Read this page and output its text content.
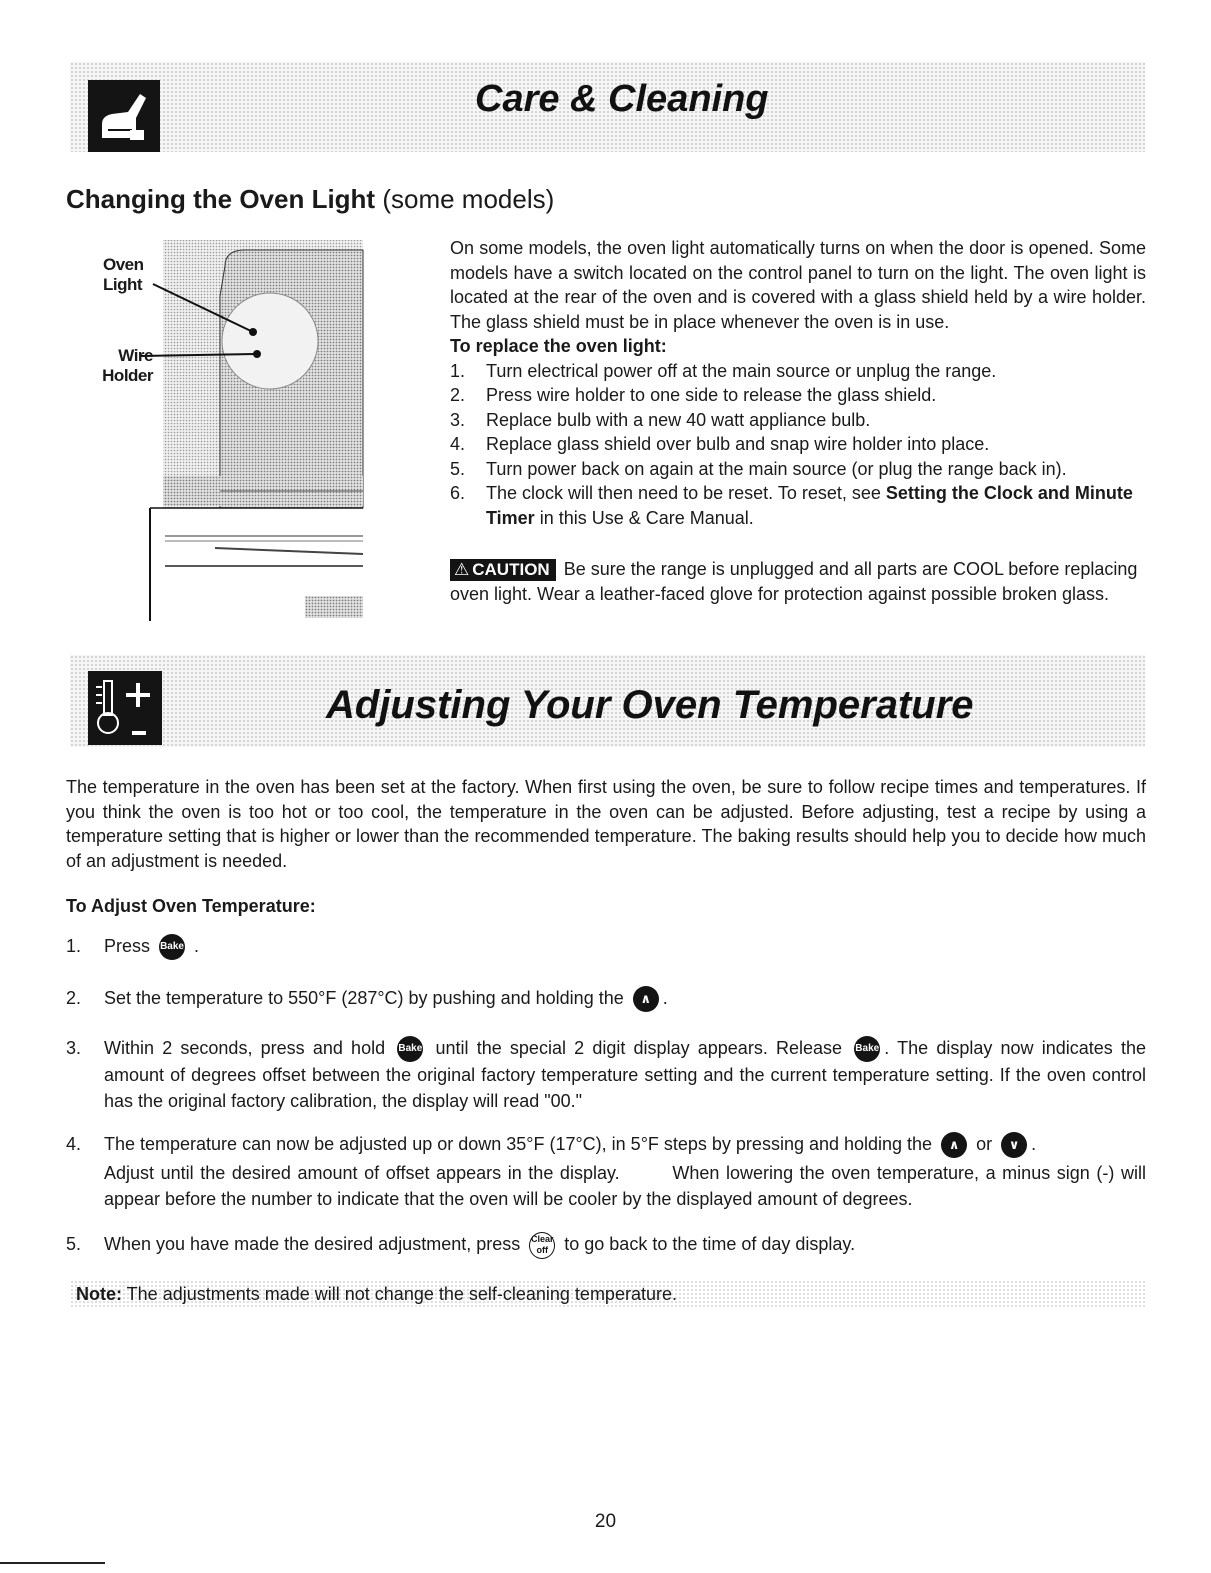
Care & Cleaning
Changing the Oven Light (some models)
Oven
Light
Wire
Holder

On some models, the oven light automatically turns on when the door is opened. Some models have a switch located on the control panel to turn on the light. The oven light is located at the rear of the oven and is covered with a glass shield held by a wire holder. The glass shield must be in place whenever the oven is in use.

To replace the oven light:

1. Turn electrical power off at the main source or unplug the range.
2. Press wire holder to one side to release the glass shield.
3. Replace bulb with a new 40 watt appliance bulb.
4. Replace glass shield over bulb and snap wire holder into place.
5. Turn power back on again at the main source (or plug the range back in).
6. The clock will then need to be reset. To reset, see Setting the Clock and Minute Timer in this Use & Care Manual.
⚠ CAUTION Be sure the range is unplugged and all parts are COOL before replacing oven light. Wear a leather-faced glove for protection against possible broken glass.
Adjusting Your Oven Temperature

The temperature in the oven has been set at the factory. When first using the oven, be sure to follow recipe times and temperatures. If you think the oven is too hot or too cool, the temperature in the oven can be adjusted. Before adjusting, test a recipe by using a temperature setting that is higher or lower than the recommended temperature. The baking results should help you to decide how much of an adjustment is needed.

To Adjust Oven Temperature:
1. Press Bake .
2. Set the temperature to 550°F (287°C) by pushing and holding the ∧ .
3. Within 2 seconds, press and hold Bake until the special 2 digit display appears. Release Bake . The display now indicates the amount of degrees offset between the original factory temperature setting and the current temperature setting. If the oven control has the original factory calibration, the display will read "00."
4. The temperature can now be adjusted up or down 35°F (17°C), in 5°F steps by pressing and holding the ∧ or ∨ .
Adjust until the desired amount of offset appears in the display.        When lowering the oven temperature, a minus sign (-) will appear before the number to indicate that the oven will be cooler by the displayed amount of degrees.
5. When you have made the desired adjustment, press Clear
off to go back to the time of day display.
Note: The adjustments made will not change the self-cleaning temperature.
20
